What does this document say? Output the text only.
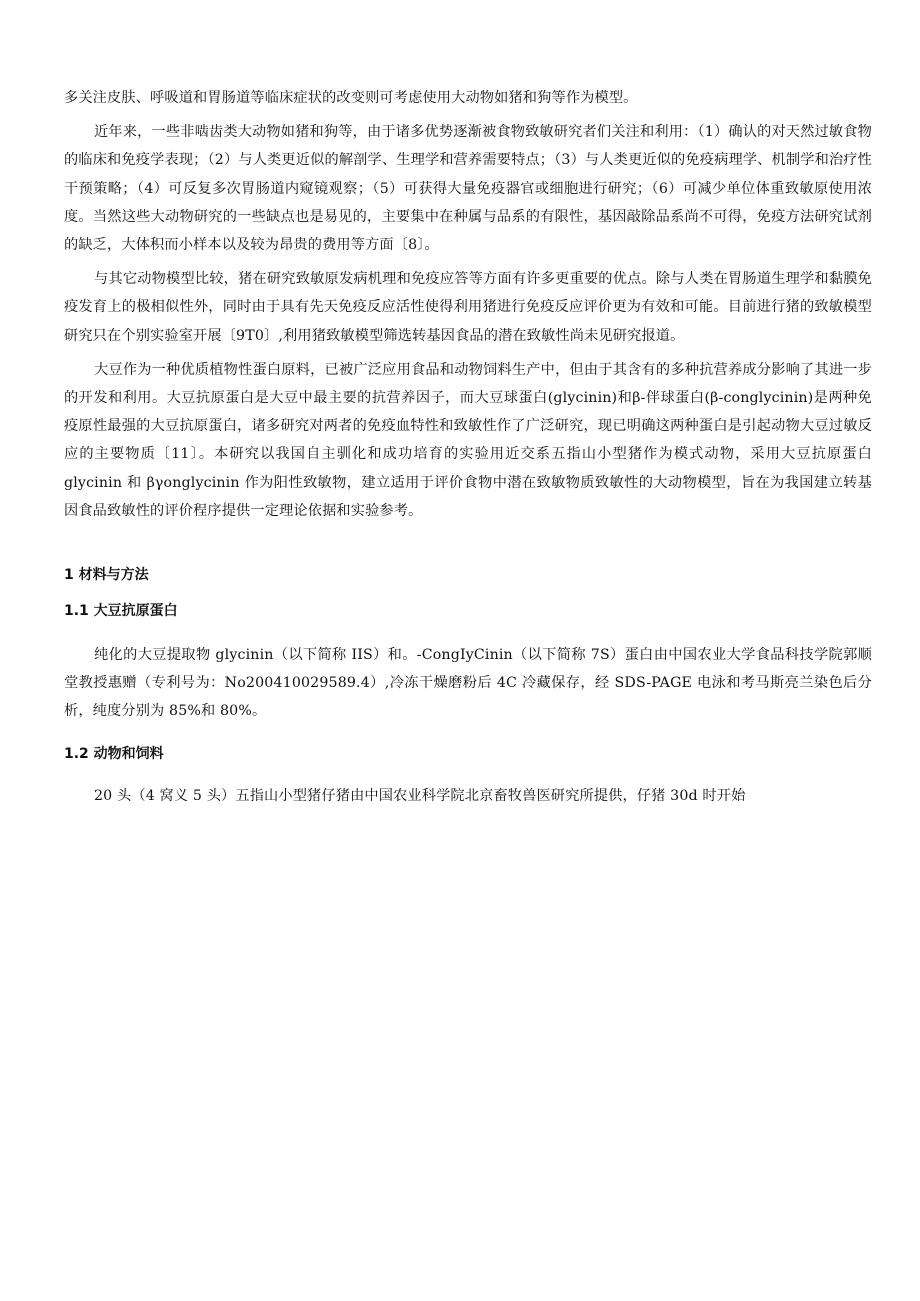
多关注皮肤、呼吸道和胃肠道等临床症状的改变则可考虑使用大动物如猪和狗等作为模型。

近年来，一些非啮齿类大动物如猪和狗等，由于诸多优势逐渐被食物致敏研究者们关注和利用：（1）确认的对天然过敏食物的临床和免疫学表现；（2）与人类更近似的解剖学、生理学和营养需要特点；（3）与人类更近似的免疫病理学、机制学和治疗性干预策略；（4）可反复多次胃肠道内窥镜观察；（5）可获得大量免疫器官或细胞进行研究；（6）可减少单位体重致敏原使用浓度。当然这些大动物研究的一些缺点也是易见的，主要集中在种属与品系的有限性，基因敲除品系尚不可得，免疫方法研究试剂的缺乏，大体积而小样本以及较为昂贵的费用等方面〔8〕。

与其它动物模型比较，猪在研究致敏原发病机理和免疫应答等方面有许多更重要的优点。除与人类在胃肠道生理学和黏膜免疫发育上的极相似性外，同时由于具有先天免疫反应活性使得利用猪进行免疫反应评价更为有效和可能。目前进行猪的致敏模型研究只在个别实验室开展〔9T0〕,利用猪致敏模型筛选转基因食品的潜在致敏性尚未见研究报道。

大豆作为一种优质植物性蛋白原料，已被广泛应用食品和动物饲料生产中，但由于其含有的多种抗营养成分影响了其进一步的开发和利用。大豆抗原蛋白是大豆中最主要的抗营养因子，而大豆球蛋白(glycinin)和β-伴球蛋白(β-conglycinin)是两种免疫原性最强的大豆抗原蛋白，诸多研究对两者的免疫血特性和致敏性作了广泛研究，现已明确这两种蛋白是引起动物大豆过敏反应的主要物质〔11〕。本研究以我国自主驯化和成功培育的实验用近交系五指山小型猪作为模式动物，采用大豆抗原蛋白 glycinin 和 βγonglycinin 作为阳性致敏物，建立适用于评价食物中潜在致敏物质致敏性的大动物模型，旨在为我国建立转基因食品致敏性的评价程序提供一定理论依据和实验参考。

1 材料与方法
1.1 大豆抗原蛋白

纯化的大豆提取物 glycinin（以下简称 IIS）和。-CongIyCinin（以下简称 7S）蛋白由中国农业大学食品科技学院郭顺堂教授惠赠（专利号为：No200410029589.4）,冷冻干燥磨粉后 4C 冷藏保存，经 SDS-PAGE 电泳和考马斯亮兰染色后分析，纯度分别为 85%和 80%。

1.2 动物和饲料

20 头（4 窝义 5 头）五指山小型猪仔猪由中国农业科学院北京畜牧兽医研究所提供，仔猪 30d 时开始
